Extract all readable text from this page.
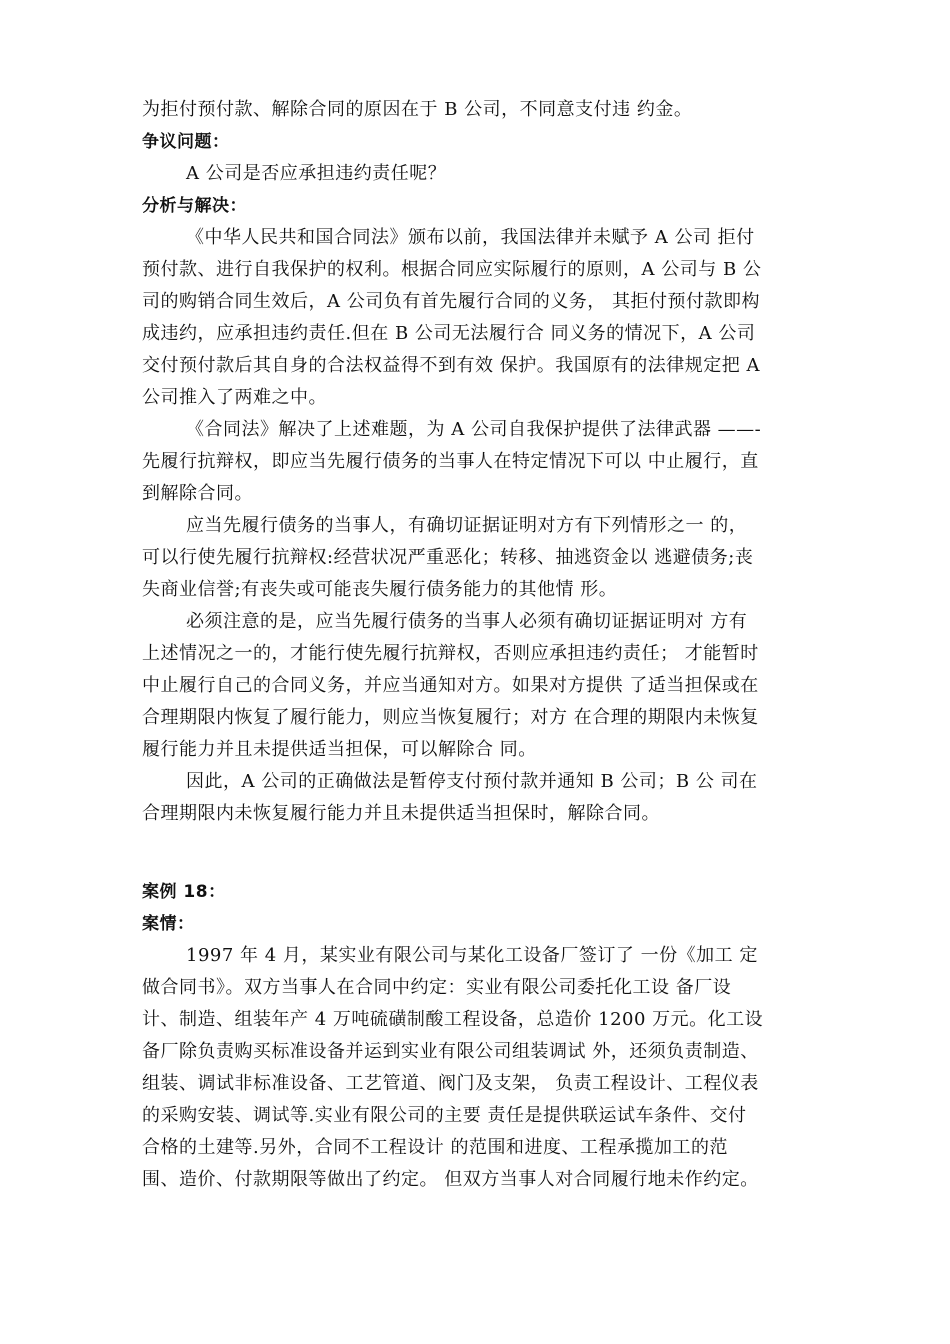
为拒付预付款、解除合同的原因在于 B 公司，不同意支付违 约金。
争议问题：
A 公司是否应承担违约责任呢？
分析与解决：
《中华人民共和国合同法》颁布以前，我国法律并未赋予 A 公司 拒付
预付款、进行自我保护的权利。根据合同应实际履行的原则，A 公司与 B 公
司的购销合同生效后，A 公司负有首先履行合同的义务， 其拒付预付款即构
成违约，应承担违约责任.但在 B 公司无法履行合 同义务的情况下，A 公司
交付预付款后其自身的合法权益得不到有效 保护。我国原有的法律规定把 A
公司推入了两难之中。
《合同法》解决了上述难题，为 A 公司自我保护提供了法律武器 ——-
先履行抗辩权，即应当先履行债务的当事人在特定情况下可以 中止履行，直
到解除合同。
应当先履行债务的当事人，有确切证据证明对方有下列情形之一 的，
可以行使先履行抗辩权:经营状况严重恶化；转移、抽逃资金以 逃避债务;丧
失商业信誉;有丧失或可能丧失履行债务能力的其他情 形。
必须注意的是，应当先履行债务的当事人必须有确切证据证明对 方有
上述情况之一的，才能行使先履行抗辩权，否则应承担违约责任； 才能暂时
中止履行自己的合同义务，并应当通知对方。如果对方提供 了适当担保或在
合理期限内恢复了履行能力，则应当恢复履行；对方 在合理的期限内未恢复
履行能力并且未提供适当担保，可以解除合 同。
因此，A 公司的正确做法是暂停支付预付款并通知 B 公司；B 公 司在
合理期限内未恢复履行能力并且未提供适当担保时，解除合同。
案例 18：
案情：
1997 年 4 月，某实业有限公司与某化工设备厂签订了 一份《加工 定
做合同书》。双方当事人在合同中约定：实业有限公司委托化工设 备厂设
计、制造、组装年产 4 万吨硫磺制酸工程设备，总造价 1200 万元。化工设
备厂除负责购买标准设备并运到实业有限公司组装调试 外，还须负责制造、
组装、调试非标准设备、工艺管道、阀门及支架， 负责工程设计、工程仪表
的采购安装、调试等.实业有限公司的主要 责任是提供联运试车条件、交付
合格的土建等.另外，合同不工程设计 的范围和进度、工程承揽加工的范
围、造价、付款期限等做出了约定。 但双方当事人对合同履行地未作约定。
